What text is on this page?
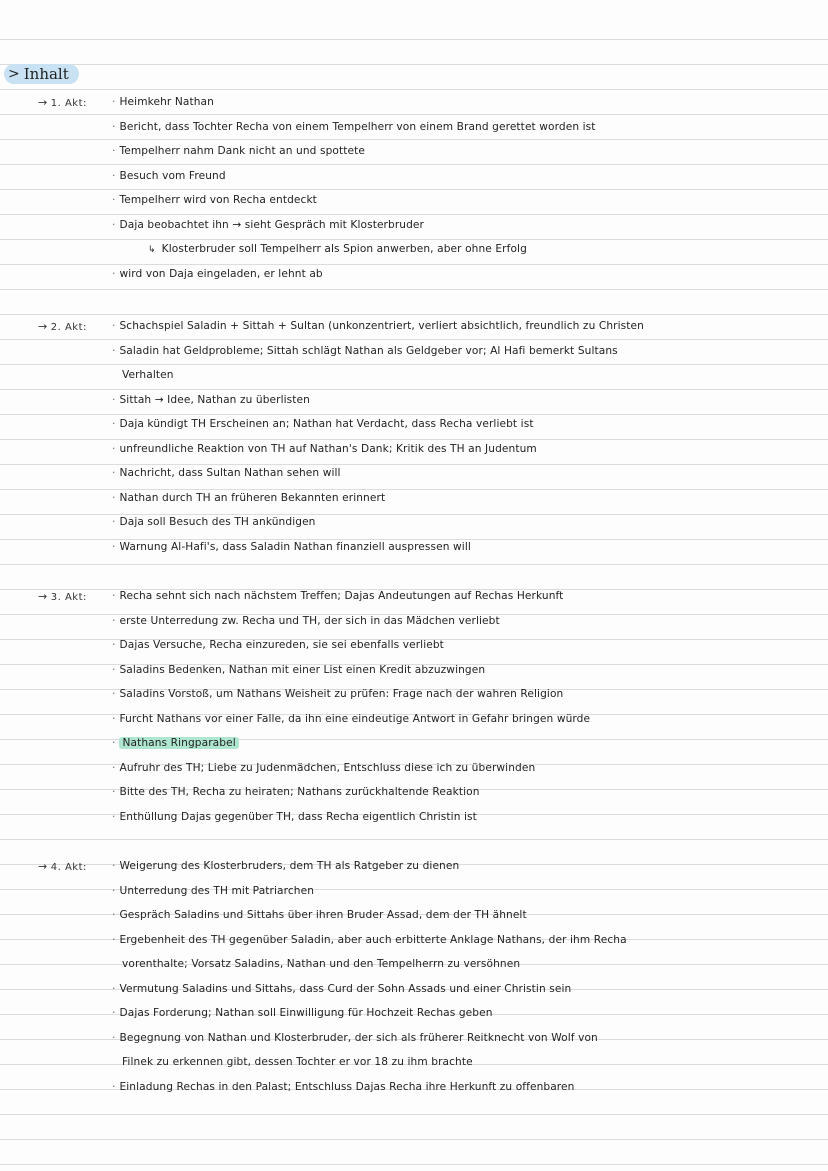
> Inhalt
→ 1. Akt: · Heimkehr Nathan
· Bericht, dass Tochter Recha von einem Tempelherr von einem Brand gerettet worden ist
· Tempelherr nahm Dank nicht an und spottete
· Besuch vom Freund
· Tempelherr wird von Recha entdeckt
· Daja beobachtet ihn → sieht Gespräch mit Klosterbruder
↳ Klosterbruder soll Tempelherr als Spion anwerben, aber ohne Erfolg
· wird von Daja eingeladen, er lehnt ab
→ 2. Akt: · Schachspiel Saladin + Sittah + Sultan (unkonzentriert, verliert absichtlich, freundlich zu Christen
· Saladin hat Geldprobleme; Sittah schlägt Nathan als Geldgeber vor; Al Hafi bemerkt Sultans
Verhalten
· Sittah → Idee, Nathan zu überlisten
· Daja kündigt TH Erscheinen an; Nathan hat Verdacht, dass Recha verliebt ist
· unfreundliche Reaktion von TH auf Nathan's Dank; Kritik des TH an Judentum
· Nachricht, dass Sultan Nathan sehen will
· Nathan durch TH an früheren Bekannten erinnert
· Daja soll Besuch des TH ankündigen
· Warnung Al-Hafi's, dass Saladin Nathan finanziell auspressen will
→ 3. Akt: · Recha sehnt sich nach nächstem Treffen; Dajas Andeutungen auf Rechas Herkunft
· erste Unterredung zw. Recha und TH, der sich in das Mädchen verliebt
· Dajas Versuche, Recha einzureden, sie sei ebenfalls verliebt
· Saladins Bedenken, Nathan mit einer List einen Kredit abzuzwingen
· Saladins Vorstoß, um Nathans Weisheit zu prüfen: Frage nach der wahren Religion
· Furcht Nathans vor einer Falle, da ihn eine eindeutige Antwort in Gefahr bringen würde
· Nathans Ringparabel
· Aufruhr des TH; Liebe zu Judenmädchen, Entschluss diese ich zu überwinden
· Bitte des TH, Recha zu heiraten; Nathans zurückhaltende Reaktion
· Enthüllung Dajas gegenüber TH, dass Recha eigentlich Christin ist
→ 4. Akt: · Weigerung des Klosterbruders, dem TH als Ratgeber zu dienen
· Unterredung des TH mit Patriarchen
· Gespräch Saladins und Sittahs über ihren Bruder Assad, dem der TH ähnelt
· Ergebenheit des TH gegenüber Saladin, aber auch erbitterte Anklage Nathans, der ihm Recha
vorenthalte; Vorsatz Saladins, Nathan und den Tempelherrn zu versöhnen
· Vermutung Saladins und Sittahs, dass Curd der Sohn Assads und einer Christin sein
· Dajas Forderung; Nathan soll Einwilligung für Hochzeit Rechas geben
· Begegnung von Nathan und Klosterbruder, der sich als früherer Reitknecht von Wolf von
Filnek zu erkennen gibt, dessen Tochter er vor 18 zu ihm brachte
· Einladung Rechas in den Palast; Entschluss Dajas Recha ihre Herkunft zu offenbaren
